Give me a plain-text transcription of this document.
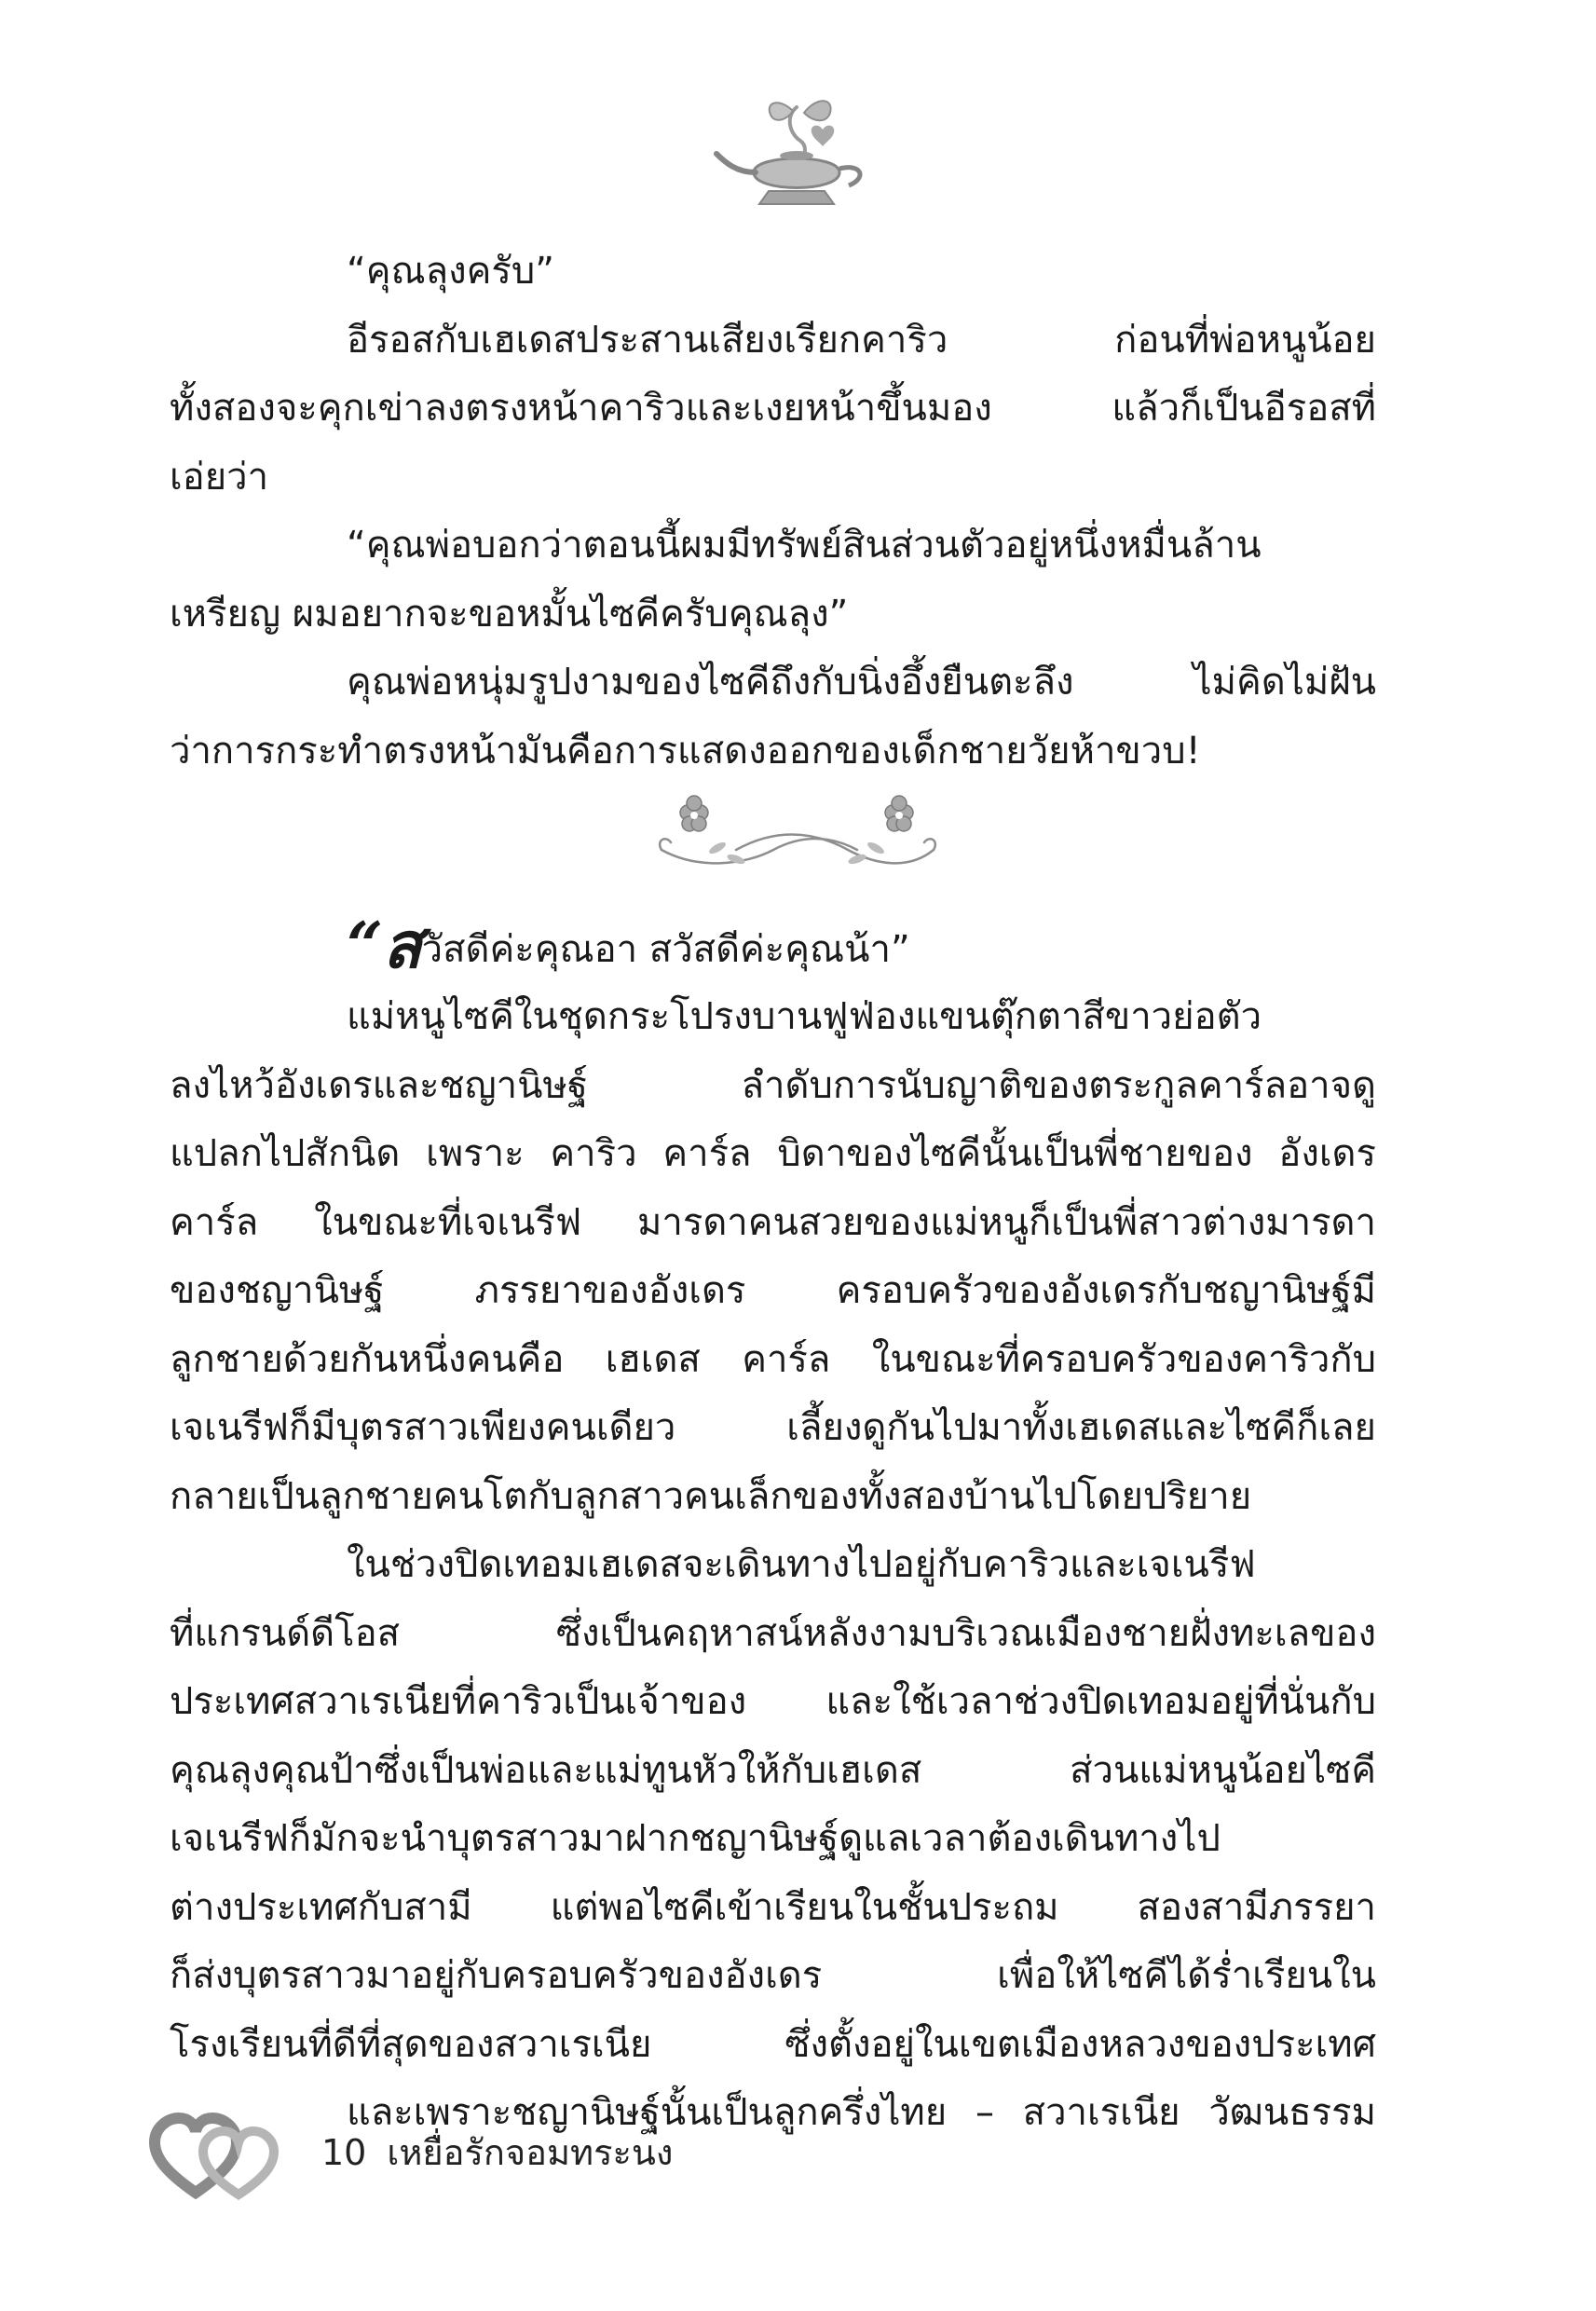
“คุณลุงครับ”
อีรอสกับเฮเดสประสานเสียงเรียกคาริว ก่อนที่พ่อหนูน้อย
ทั้งสองจะคุกเข่าลงตรงหน้าคาริวและเงยหน้าขึ้นมอง แล้วก็เป็นอีรอสที่
เอ่ยว่า
“คุณพ่อบอกว่าตอนนี้ผมมีทรัพย์สินส่วนตัวอยู่หนึ่งหมื่นล้าน
เหรียญ ผมอยากจะขอหมั้นไซคีครับคุณลุง”
คุณพ่อหนุ่มรูปงามของไซคีถึงกับนิ่งอึ้งยืนตะลึง ไม่คิดไม่ฝัน
ว่าการกระทำตรงหน้ามันคือการแสดงออกของเด็กชายวัยห้าขวบ!
“สวัสดีค่ะคุณอา สวัสดีค่ะคุณน้า”
แม่หนูไซคีในชุดกระโปรงบานฟูฟ่องแขนตุ๊กตาสีขาวย่อตัว
ลงไหว้อังเดรและชญานิษฐ์ ลำดับการนับญาติของตระกูลคาร์ลอาจดู
แปลกไปสักนิด เพราะ คาริว คาร์ล บิดาของไซคีนั้นเป็นพี่ชายของ อังเดร
คาร์ล ในขณะที่เจเนรีฟ มารดาคนสวยของแม่หนูก็เป็นพี่สาวต่างมารดา
ของชญานิษฐ์ ภรรยาของอังเดร ครอบครัวของอังเดรกับชญานิษฐ์มี
ลูกชายด้วยกันหนึ่งคนคือ เฮเดส คาร์ล ในขณะที่ครอบครัวของคาริวกับ
เจเนรีฟก็มีบุตรสาวเพียงคนเดียว เลี้ยงดูกันไปมาทั้งเฮเดสและไซคีก็เลย
กลายเป็นลูกชายคนโตกับลูกสาวคนเล็กของทั้งสองบ้านไปโดยปริยาย
ในช่วงปิดเทอมเฮเดสจะเดินทางไปอยู่กับคาริวและเจเนรีฟ
ที่แกรนด์ดีโอส ซึ่งเป็นคฤหาสน์หลังงามบริเวณเมืองชายฝั่งทะเลของ
ประเทศสวาเรเนียที่คาริวเป็นเจ้าของ และใช้เวลาช่วงปิดเทอมอยู่ที่นั่นกับ
คุณลุงคุณป้าซึ่งเป็นพ่อและแม่ทูนหัวให้กับเฮเดส ส่วนแม่หนูน้อยไซคี
เจเนรีฟก็มักจะนำบุตรสาวมาฝากชญานิษฐ์ดูแลเวลาต้องเดินทางไป
ต่างประเทศกับสามี แต่พอไซคีเข้าเรียนในชั้นประถม สองสามีภรรยา
ก็ส่งบุตรสาวมาอยู่กับครอบครัวของอังเดร เพื่อให้ไซคีได้ร่ำเรียนใน
โรงเรียนที่ดีที่สุดของสวาเรเนีย ซึ่งตั้งอยู่ในเขตเมืองหลวงของประเทศ
และเพราะชญานิษฐ์นั้นเป็นลูกครึ่งไทย – สวาเรเนีย วัฒนธรรม
10 เหยื่อรักจอมทระนง
